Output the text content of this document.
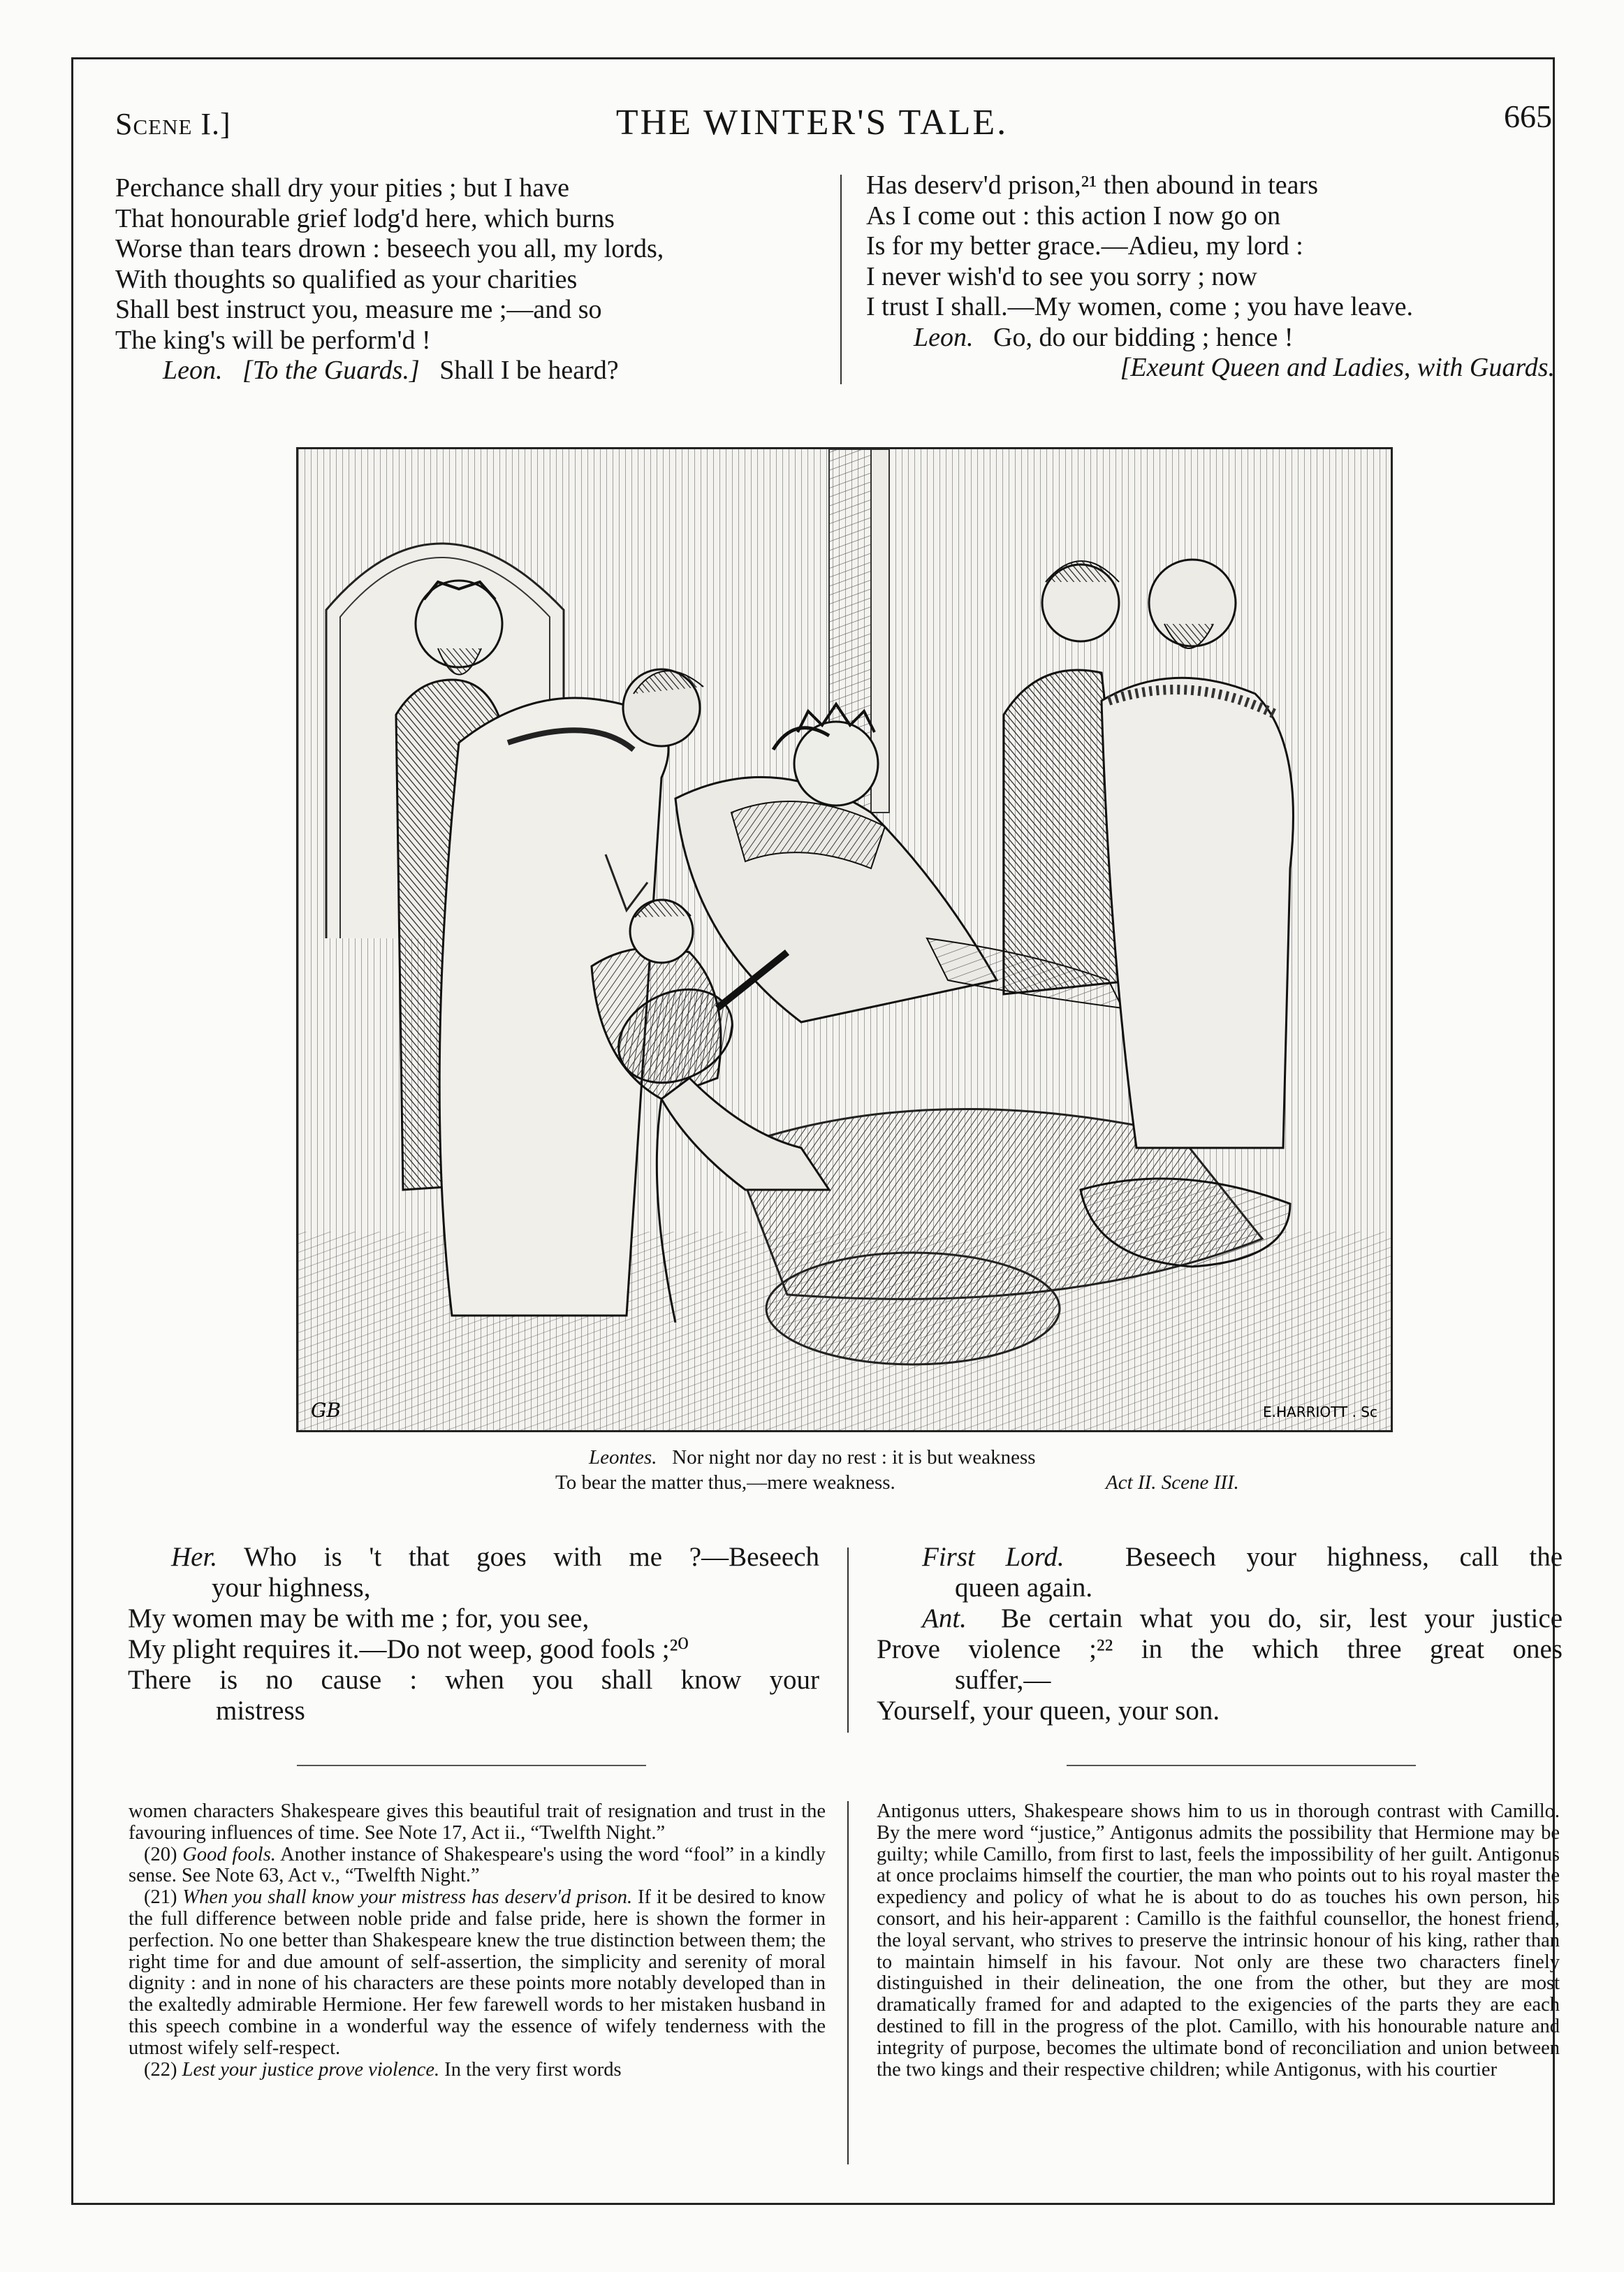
Scene I.]	THE WINTER'S TALE.	665
Perchance shall dry your pities ; but I have
That honourable grief lodg'd here, which burns
Worse than tears drown : beseech you all, my lords,
With thoughts so qualified as your charities
Shall best instruct you, measure me ;—and so
The king's will be perform'd !
Leon. [To the Guards.] Shall I be heard?
Has deserv'd prison,²¹ then abound in tears
As I come out : this action I now go on
Is for my better grace.—Adieu, my lord :
I never wish'd to see you sorry ; now
I trust I shall.—My women, come ; you have leave.
Leon. Go, do our bidding ; hence !
[Exeunt Queen and Ladies, with Guards.
GB	E.HARRIOTT . Sc
Leontes. Nor night nor day no rest : it is but weakness
To bear the matter thus,—mere weakness.	Act II. Scene III.
Her. Who is 't that goes with me ?—Beseech
your highness,
My women may be with me ; for, you see,
My plight requires it.—Do not weep, good fools ;²⁰
There is no cause : when you shall know your
mistress
First Lord. Beseech your highness, call the
queen again.
Ant. Be certain what you do, sir, lest your justice
Prove violence ;²² in the which three great ones
suffer,—
Yourself, your queen, your son.

women characters Shakespeare gives this beautiful trait of resignation and trust in the favouring influences of time. See Note 17, Act ii., “Twelfth Night.”

(20) Good fools. Another instance of Shakespeare's using the word “fool” in a kindly sense. See Note 63, Act v., “Twelfth Night.”

(21) When you shall know your mistress has deserv'd prison. If it be desired to know the full difference between noble pride and false pride, here is shown the former in perfection. No one better than Shakespeare knew the true distinction between them; the right time for and due amount of self-assertion, the simplicity and serenity of moral dignity : and in none of his characters are these points more notably developed than in the exaltedly admirable Hermione. Her few farewell words to her mistaken husband in this speech combine in a wonderful way the essence of wifely tenderness with the utmost wifely self-respect.

(22) Lest your justice prove violence. In the very first words

Antigonus utters, Shakespeare shows him to us in thorough contrast with Camillo. By the mere word “justice,” Antigonus admits the possibility that Hermione may be guilty; while Camillo, from first to last, feels the impossibility of her guilt. Antigonus at once proclaims himself the courtier, the man who points out to his royal master the expediency and policy of what he is about to do as touches his own person, his consort, and his heir-apparent : Camillo is the faithful counsellor, the honest friend, the loyal servant, who strives to preserve the intrinsic honour of his king, rather than to maintain himself in his favour. Not only are these two characters finely distinguished in their delineation, the one from the other, but they are most dramatically framed for and adapted to the exigencies of the parts they are each destined to fill in the progress of the plot. Camillo, with his honourable nature and integrity of purpose, becomes the ultimate bond of reconciliation and union between the two kings and their respective children; while Antigonus, with his courtier
